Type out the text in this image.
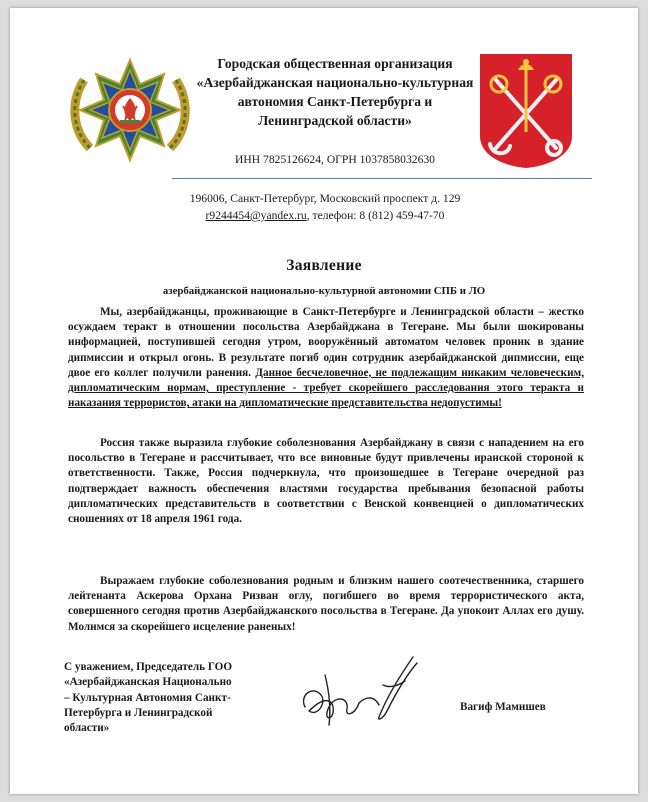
Городская общественная организация «Азербайджанская национально-культурная автономия Санкт-Петербурга и Ленинградской области»
ИНН 7825126624, ОГРН 1037858032630
196006, Санкт-Петербург, Московский проспект д. 129
r9244454@yandex.ru, телефон: 8 (812) 459-47-70
Заявление
азербайджанской национально-культурной автономии СПБ и ЛО
Мы, азербайджанцы, проживающие в Санкт-Петербурге и Ленинградской области – жестко осуждаем теракт в отношении посольства Азербайджана в Тегеране. Мы были шокированы информацией, поступившей сегодня утром, вооружённый автоматом человек проник в здание дипмиссии и открыл огонь. В результате погиб один сотрудник азербайджанской дипмиссии, еще двое его коллег получили ранения. Данное бесчеловечное, не подлежащим никаким человеческим, дипломатическим нормам, преступление - требует скорейшего расследования этого теракта и наказания террористов, атаки на дипломатические представительства недопустимы!
Россия также выразила глубокие соболезнования Азербайджану в связи с нападением на его посольство в Тегеране и рассчитывает, что все виновные будут привлечены иранской стороной к ответственности. Также, Россия подчеркнула, что произошедшее в Тегеране очередной раз подтверждает важность обеспечения властями государства пребывания безопасной работы дипломатических представительств в соответствии с Венской конвенцией о дипломатических сношениях от 18 апреля 1961 года.
Выражаем глубокие соболезнования родным и близким нашего соотечественника, старшего лейтенанта Аскерова Орхана Ризван оглу, погибшего во время террористического акта, совершенного сегодня против Азербайджанского посольства в Тегеране. Да упокоит Аллах его душу. Молимся за скорейшего исцеление раненых!
С уважением, Председатель ГОО «Азербайджанская Национально – Культурная Автономия Санкт-Петербурга и Ленинградской области»
Вагиф Мамишев
